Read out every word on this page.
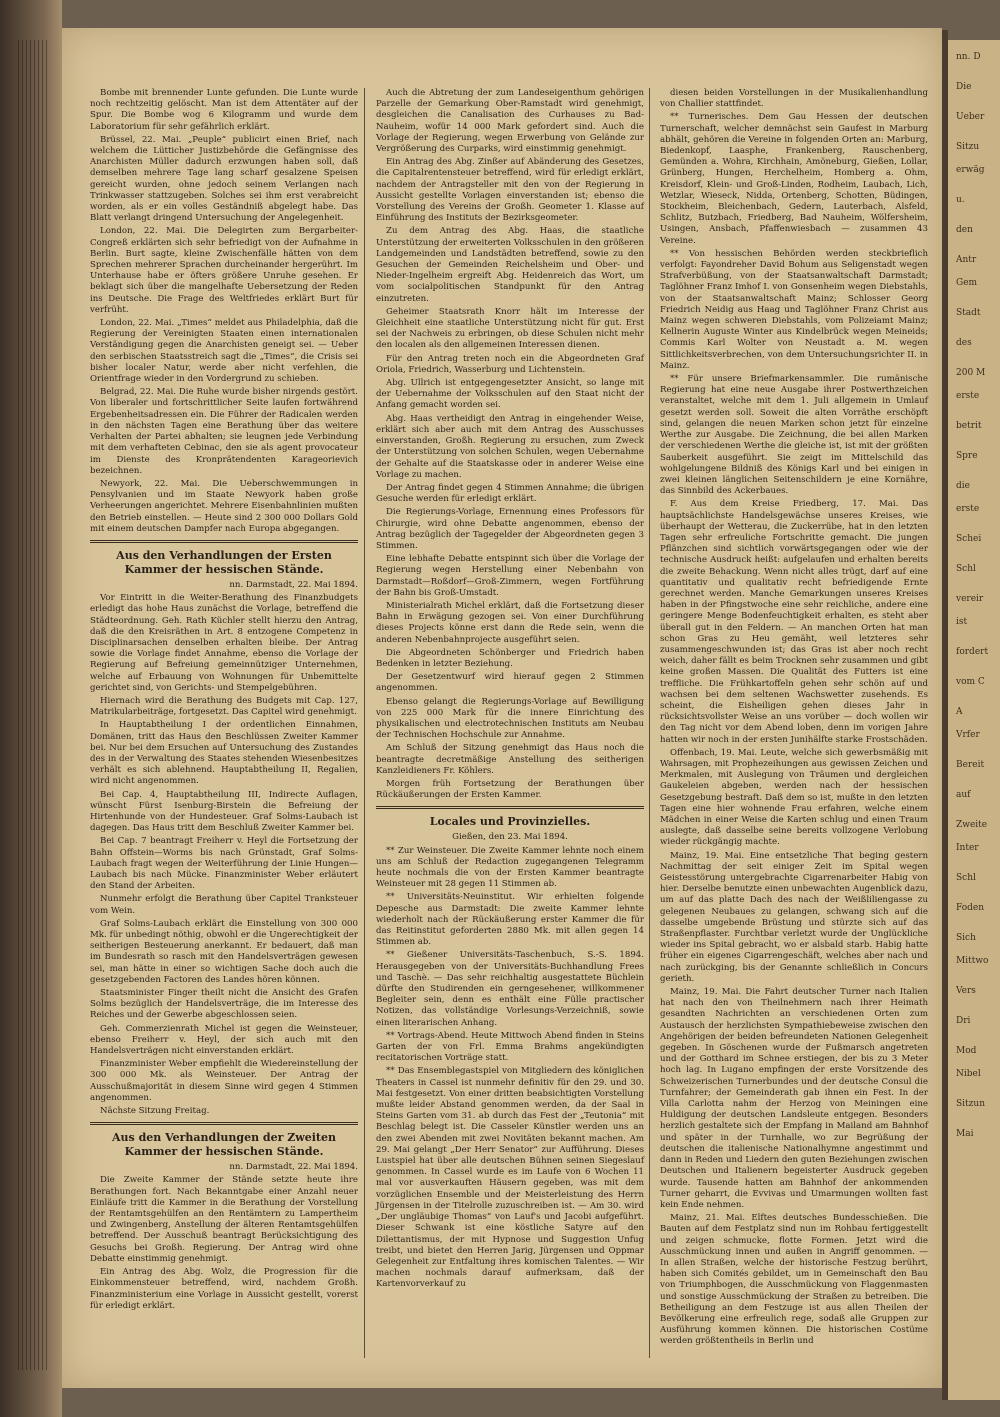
Bombe mit brennender Lunte gefunden. Die Lunte wurde noch rechtzeitig gelöscht. Man ist dem Attentäter auf der Spur. Die Bombe wog 6 Kilogramm und wurde dem Laboratorium für sehr gefährlich erklärt.

Brüssel, 22. Mai. „Peuple“ publicirt einen Brief, nach welchem die Lütticher Justizbehörde die Gefängnisse des Anarchisten Müller dadurch erzwungen haben soll, daß demselben mehrere Tage lang scharf gesalzene Speisen gereicht wurden, ohne jedoch seinem Verlangen nach Trinkwasser stattzugeben. Solches sei ihm erst verabreicht worden, als er ein volles Geständniß abgelegt habe. Das Blatt verlangt dringend Untersuchung der Angelegenheit.

London, 22. Mai. Die Delegirten zum Bergarbeiter-Congreß erklärten sich sehr befriedigt von der Aufnahme in Berlin. Burt sagte, kleine Zwischenfälle hätten von dem Sprechen mehrerer Sprachen durcheinander hergerührt. Im Unterhause habe er öfters größere Unruhe gesehen. Er beklagt sich über die mangelhafte Uebersetzung der Reden ins Deutsche. Die Frage des Weltfriedes erklärt Burt für verfrüht.

London, 22. Mai. „Times“ meldet aus Philadelphia, daß die Regierung der Vereinigten Staaten einen internationalen Verständigung gegen die Anarchisten geneigt sei. — Ueber den serbischen Staatsstreich sagt die „Times“, die Crisis sei bisher localer Natur, werde aber nicht verfehlen, die Orientfrage wieder in den Vordergrund zu schieben.

Belgrad, 22. Mai. Die Ruhe wurde bisher nirgends gestört. Von liberaler und fortschrittlicher Seite laufen fortwährend Ergebenheitsadressen ein. Die Führer der Radicalen werden in den nächsten Tagen eine Berathung über das weitere Verhalten der Partei abhalten; sie leugnen jede Verbindung mit dem verhafteten Cebinac, den sie als agent provocateur im Dienste des Kronprätendenten Karageorievich bezeichnen.

Newyork, 22. Mai. Die Ueberschwemmungen in Pensylvanien und im Staate Newyork haben große Verheerungen angerichtet. Mehrere Eisenbahnlinien mußten den Betrieb einstellen. — Heute sind 2 300 000 Dollars Gold mit einem deutschen Dampfer nach Europa abgegangen.

Aus den Verhandlungen der Ersten Kammer der hessischen Stände.
nn. Darmstadt, 22. Mai 1894.

Vor Eintritt in die Weiter-Berathung des Finanzbudgets erledigt das hohe Haus zunächst die Vorlage, betreffend die Städteordnung. Geh. Rath Küchler stellt hierzu den Antrag, daß die den Kreisräthen in Art. 8 entzogene Competenz in Disciplinarsachen denselben erhalten bleibe. Der Antrag sowie die Vorlage findet Annahme, ebenso die Vorlage der Regierung auf Befreiung gemeinnütziger Unternehmen, welche auf Erbauung von Wohnungen für Unbemittelte gerichtet sind, von Gerichts- und Stempelgebühren.

Hiernach wird die Berathung des Budgets mit Cap. 127, Matrikularbeiträge, fortgesetzt. Das Capitel wird genehmigt.

In Hauptabtheilung I der ordentlichen Einnahmen, Domänen, tritt das Haus den Beschlüssen Zweiter Kammer bei. Nur bei dem Ersuchen auf Untersuchung des Zustandes des in der Verwaltung des Staates stehenden Wiesenbesitzes verhält es sich ablehnend. Hauptabtheilung II, Regalien, wird nicht angenommen.

Bei Cap. 4, Hauptabtheilung III, Indirecte Auflagen, wünscht Fürst Isenburg-Birstein die Befreiung der Hirtenhunde von der Hundesteuer. Graf Solms-Laubach ist dagegen. Das Haus tritt dem Beschluß Zweiter Kammer bei.

Bei Cap. 7 beantragt Freiherr v. Heyl die Fortsetzung der Bahn Offstein—Worms bis nach Grünstadt, Graf Solms-Laubach fragt wegen der Weiterführung der Linie Hungen—Laubach bis nach Mücke. Finanzminister Weber erläutert den Stand der Arbeiten.

Nunmehr erfolgt die Berathung über Capitel Tranksteuer vom Wein.

Graf Solms-Laubach erklärt die Einstellung von 300 000 Mk. für unbedingt nöthig, obwohl er die Ungerechtigkeit der seitherigen Besteuerung anerkannt. Er bedauert, daß man im Bundesrath so rasch mit den Handelsverträgen gewesen sei, man hätte in einer so wichtigen Sache doch auch die gesetzgebenden Factoren des Landes hören können.

Staatsminister Finger theilt nicht die Ansicht des Grafen Solms bezüglich der Handelsverträge, die im Interesse des Reiches und der Gewerbe abgeschlossen seien.

Geh. Commerzienrath Michel ist gegen die Weinsteuer, ebenso Freiherr v. Heyl, der sich auch mit den Handelsverträgen nicht einverstanden erklärt.

Finanzminister Weber empfiehlt die Wiedereinstellung der 300 000 Mk. als Weinsteuer. Der Antrag der Ausschußmajorität in diesem Sinne wird gegen 4 Stimmen angenommen.

Nächste Sitzung Freitag.

Aus den Verhandlungen der Zweiten Kammer der hessischen Stände.
nn. Darmstadt, 22. Mai 1894.

Die Zweite Kammer der Stände setzte heute ihre Berathungen fort. Nach Bekanntgabe einer Anzahl neuer Einläufe tritt die Kammer in die Berathung der Vorstellung der Rentamtsgehülfen an den Rentämtern zu Lampertheim und Zwingenberg, Anstellung der älteren Rentamtsgehülfen betreffend. Der Ausschuß beantragt Berücksichtigung des Gesuchs bei Großh. Regierung. Der Antrag wird ohne Debatte einstimmig genehmigt.

Ein Antrag des Abg. Wolz, die Progression für die Einkommensteuer betreffend, wird, nachdem Großh. Finanzministerium eine Vorlage in Aussicht gestellt, vorerst für erledigt erklärt.

Auch die Abtretung der zum Landeseigenthum gehörigen Parzelle der Gemarkung Ober-Ramstadt wird genehmigt, desgleichen die Canalisation des Curhauses zu Bad-Nauheim, wofür 14 000 Mark gefordert sind. Auch die Vorlage der Regierung, wegen Erwerbung von Gelände zur Vergrößerung des Curparks, wird einstimmig genehmigt.

Ein Antrag des Abg. Zinßer auf Abänderung des Gesetzes, die Capitalrentensteuer betreffend, wird für erledigt erklärt, nachdem der Antragsteller mit den von der Regierung in Aussicht gestellte Vorlagen einverstanden ist; ebenso die Vorstellung des Vereins der Großh. Geometer 1. Klasse auf Einführung des Instituts der Bezirksgeometer.

Zu dem Antrag des Abg. Haas, die staatliche Unterstützung der erweiterten Volksschulen in den größeren Landgemeinden und Landstädten betreffend, sowie zu den Gesuchen der Gemeinden Reichelsheim und Ober- und Nieder-Ingelheim ergreift Abg. Heidenreich das Wort, um vom socialpolitischen Standpunkt für den Antrag einzutreten.

Geheimer Staatsrath Knorr hält im Interesse der Gleichheit eine staatliche Unterstützung nicht für gut. Erst sei der Nachweis zu erbringen, ob diese Schulen nicht mehr den localen als den allgemeinen Interessen dienen.

Für den Antrag treten noch ein die Abgeordneten Graf Oriola, Friedrich, Wasserburg und Lichtenstein.

Abg. Ullrich ist entgegengesetzter Ansicht, so lange mit der Uebernahme der Volksschulen auf den Staat nicht der Anfang gemacht worden sei.

Abg. Haas vertheidigt den Antrag in eingehender Weise, erklärt sich aber auch mit dem Antrag des Ausschusses einverstanden, Großh. Regierung zu ersuchen, zum Zweck der Unterstützung von solchen Schulen, wegen Uebernahme der Gehalte auf die Staatskasse oder in anderer Weise eine Vorlage zu machen.

Der Antrag findet gegen 4 Stimmen Annahme; die übrigen Gesuche werden für erledigt erklärt.

Die Regierungs-Vorlage, Ernennung eines Professors für Chirurgie, wird ohne Debatte angenommen, ebenso der Antrag bezüglich der Tagegelder der Abgeordneten gegen 3 Stimmen.

Eine lebhafte Debatte entspinnt sich über die Vorlage der Regierung wegen Herstellung einer Nebenbahn von Darmstadt—Roßdorf—Groß-Zimmern, wegen Fortführung der Bahn bis Groß-Umstadt.

Ministerialrath Michel erklärt, daß die Fortsetzung dieser Bahn in Erwägung gezogen sei. Von einer Durchführung dieses Projects könne erst dann die Rede sein, wenn die anderen Nebenbahnprojecte ausgeführt seien.

Die Abgeordneten Schönberger und Friedrich haben Bedenken in letzter Beziehung.

Der Gesetzentwurf wird hierauf gegen 2 Stimmen angenommen.

Ebenso gelangt die Regierungs-Vorlage auf Bewilligung von 225 000 Mark für die innere Einrichtung des physikalischen und electrotechnischen Instituts am Neubau der Technischen Hochschule zur Annahme.

Am Schluß der Sitzung genehmigt das Haus noch die beantragte decretmäßige Anstellung des seitherigen Kanzleidieners Fr. Köhlers.

Morgen früh Fortsetzung der Berathungen über Rückäußerungen der Ersten Kammer.

Locales und Provinzielles.
Gießen, den 23. Mai 1894.

** Zur Weinsteuer. Die Zweite Kammer lehnte noch einem uns am Schluß der Redaction zugegangenen Telegramm heute nochmals die von der Ersten Kammer beantragte Weinsteuer mit 28 gegen 11 Stimmen ab.

** Universitäts-Neuinstitut. Wir erhielten folgende Depesche aus Darmstadt: Die zweite Kammer lehnte wiederholt nach der Rückäußerung erster Kammer die für das Reitinstitut geforderten 2880 Mk. mit allen gegen 14 Stimmen ab.

** Gießener Universitäts-Taschenbuch, S.-S. 1894. Herausgegeben von der Universitäts-Buchhandlung Frees und Taschè. — Das sehr reichhaltig ausgestattete Büchlein dürfte den Studirenden ein gerngesehener, willkommener Begleiter sein, denn es enthält eine Fülle practischer Notizen, das vollständige Vorlesungs-Verzeichniß, sowie einen literarischen Anhang.

** Vortrags-Abend. Heute Mittwoch Abend finden in Steins Garten der von Frl. Emma Brahms angekündigten recitatorischen Vorträge statt.

** Das Ensemblegastspiel von Mitgliedern des königlichen Theaters in Cassel ist nunmehr definitiv für den 29. und 30. Mai festgesetzt. Von einer dritten beabsichtigten Vorstellung mußte leider Abstand genommen werden, da der Saal in Steins Garten vom 31. ab durch das Fest der „Teutonia“ mit Beschlag belegt ist. Die Casseler Künstler werden uns an den zwei Abenden mit zwei Novitäten bekannt machen. Am 29. Mai gelangt „Der Herr Senator“ zur Aufführung. Dieses Lustspiel hat über alle deutschen Bühnen seinen Siegeslauf genommen. In Cassel wurde es im Laufe von 6 Wochen 11 mal vor ausverkauften Häusern gegeben, was mit dem vorzüglichen Ensemble und der Meisterleistung des Herrn Jürgensen in der Titelrolle zuzuschreiben ist. — Am 30. wird „Der ungläubige Thomas“ von Lauf's und Jacobi aufgeführt. Dieser Schwank ist eine köstliche Satyre auf den Dilettantismus, der mit Hypnose und Suggestion Unfug treibt, und bietet den Herren Jarig, Jürgensen und Oppmar Gelegenheit zur Entfaltung ihres komischen Talentes. — Wir machen nochmals darauf aufmerksam, daß der Kartenvorverkauf zu

diesen beiden Vorstellungen in der Musikalienhandlung von Challier stattfindet.

** Turnerisches. Dem Gau Hessen der deutschen Turnerschaft, welcher demnächst sein Gaufest in Marburg abhält, gehören die Vereine in folgenden Orten an: Marburg, Biedenkopf, Laasphe, Frankenberg, Rauschenberg, Gemünden a. Wohra, Kirchhain, Amöneburg, Gießen, Lollar, Grünberg, Hungen, Herchelheim, Homberg a. Ohm, Kreisdorf, Klein- und Groß-Linden, Rodheim, Laubach, Lich, Wetzlar, Wieseck, Nidda, Ortenberg, Schotten, Büdingen, Stockheim, Bleichenbach, Gedern, Lauterbach, Alsfeld, Schlitz, Butzbach, Friedberg, Bad Nauheim, Wölfersheim, Usingen, Ansbach, Pfaffenwiesbach — zusammen 43 Vereine.

** Von hessischen Behörden werden steckbrieflich verfolgt: Fayondreher David Bohum aus Seligenstadt wegen Strafverbüßung, von der Staatsanwaltschaft Darmstadt; Taglöhner Franz Imhof I. von Gonsenheim wegen Diebstahls, von der Staatsanwaltschaft Mainz; Schlosser Georg Friedrich Neidig aus Haag und Taglöhner Franz Christ aus Mainz wegen schweren Diebstahls, vom Polizeiamt Mainz; Kellnerin Auguste Winter aus Kindelbrück wegen Meineids; Commis Karl Wolter von Neustadt a. M. wegen Sittlichkeitsverbrechen, von dem Untersuchungsrichter II. in Mainz.

** Für unsere Briefmarkensammler. Die rumänische Regierung hat eine neue Ausgabe ihrer Postwerthzeichen veranstaltet, welche mit dem 1. Juli allgemein in Umlauf gesetzt werden soll. Soweit die alten Vorräthe erschöpft sind, gelangen die neuen Marken schon jetzt für einzelne Werthe zur Ausgabe. Die Zeichnung, die bei allen Marken der verschiedenen Werthe die gleiche ist, ist mit der größten Sauberkeit ausgeführt. Sie zeigt im Mittelschild das wohlgelungene Bildniß des Königs Karl und bei einigen in zwei kleinen länglichen Seitenschildern je eine Kornähre, das Sinnbild des Ackerbaues.

F. Aus dem Kreise Friedberg, 17. Mai. Das hauptsächlichste Handelsgewächse unseres Kreises, wie überhaupt der Wetterau, die Zuckerrübe, hat in den letzten Tagen sehr erfreuliche Fortschritte gemacht. Die jungen Pflänzchen sind sichtlich vorwärtsgegangen oder wie der technische Ausdruck heißt: aufgelaufen und erhalten bereits die zweite Behackung. Wenn nicht alles trügt, darf auf eine quantitativ und qualitativ recht befriedigende Ernte gerechnet werden. Manche Gemarkungen unseres Kreises haben in der Pfingstwoche eine sehr reichliche, andere eine geringere Menge Bodenfeuchtigkeit erhalten, es steht aber überall gut in den Feldern. — An manchen Orten hat man schon Gras zu Heu gemäht, weil letzteres sehr zusammengeschwunden ist; das Gras ist aber noch recht weich, daher fällt es beim Trocknen sehr zusammen und gibt keine großen Massen. Die Qualität des Futters ist eine treffliche. Die Frühkartoffeln gehen sehr schön auf und wachsen bei dem seltenen Wachswetter zusehends. Es scheint, die Eisheiligen gehen dieses Jahr in rücksichtsvollster Weise an uns vorüber — doch wollen wir den Tag nicht vor dem Abend loben, denn im vorigen Jahre hatten wir noch in der ersten Junihälfte starke Frostschäden.

Offenbach, 19. Mai. Leute, welche sich gewerbsmäßig mit Wahrsagen, mit Prophezeihungen aus gewissen Zeichen und Merkmalen, mit Auslegung von Träumen und dergleichen Gaukeleien abgeben, werden nach der hessischen Gesetzgebung bestraft. Daß dem so ist, mußte in den letzten Tagen eine hier wohnende Frau erfahren, welche einem Mädchen in einer Weise die Karten schlug und einen Traum auslegte, daß dasselbe seine bereits vollzogene Verlobung wieder rückgängig machte.

Mainz, 19. Mai. Eine entsetzliche That beging gestern Nachmittag der seit einiger Zeit im Spital wegen Geistesstörung untergebrachte Cigarrenarbeiter Habig von hier. Derselbe benutzte einen unbewachten Augenblick dazu, um auf das platte Dach des nach der Weißliliengasse zu gelegenen Neubaues zu gelangen, schwang sich auf die dasselbe umgebende Brüstung und stürzte sich auf das Straßenpflaster. Furchtbar verletzt wurde der Unglückliche wieder ins Spital gebracht, wo er alsbald starb. Habig hatte früher ein eigenes Cigarrengeschäft, welches aber nach und nach zurückging, bis der Genannte schließlich in Concurs gerieth.

Mainz, 19. Mai. Die Fahrt deutscher Turner nach Italien hat nach den von Theilnehmern nach ihrer Heimath gesandten Nachrichten an verschiedenen Orten zum Austausch der herzlichsten Sympathiebeweise zwischen den Angehörigen der beiden befreundeten Nationen Gelegenheit gegeben. In Göschenen wurde der Fußmarsch angetreten und der Gotthard im Schnee erstiegen, der bis zu 3 Meter hoch lag. In Lugano empfingen der erste Vorsitzende des Schweizerischen Turnerbundes und der deutsche Consul die Turnfahrer; der Gemeinderath gab ihnen ein Fest. In der Villa Carlotta nahm der Herzog von Meiningen eine Huldigung der deutschen Landsleute entgegen. Besonders herzlich gestaltete sich der Empfang in Mailand am Bahnhof und später in der Turnhalle, wo zur Begrüßung der deutschen die italienische Nationalhymne angestimmt und dann in Reden und Liedern den guten Beziehungen zwischen Deutschen und Italienern begeisterter Ausdruck gegeben wurde. Tausende hatten am Bahnhof der ankommenden Turner geharrt, die Evvivas und Umarmungen wollten fast kein Ende nehmen.

Mainz, 21. Mai. Elftes deutsches Bundesschießen. Die Bauten auf dem Festplatz sind nun im Rohbau fertiggestellt und zeigen schmucke, flotte Formen. Jetzt wird die Ausschmückung innen und außen in Angriff genommen. — In allen Straßen, welche der historische Festzug berührt, haben sich Comités gebildet, um in Gemeinschaft den Bau von Triumphbogen, die Ausschmückung von Flaggenmasten und sonstige Ausschmückung der Straßen zu betreiben. Die Betheiligung an dem Festzuge ist aus allen Theilen der Bevölkerung eine erfreulich rege, sodaß alle Gruppen zur Ausführung kommen können. Die historischen Costüme werden größtentheils in Berlin und

nn. D
Die
Ueber
Sitzu
erwäg
u.
den
Antr
Gem
Stadt
des
200 M
erste
betrit
Spre
die
erste
Schei
Schl
vereir
ist
fordert
vom C
A
Vrfer
Bereit
auf
Zweite
Inter
Schl
Foden
Sich
Mittwo
Vers
Dri
Mod
Nibel
Sitzun
Mai
